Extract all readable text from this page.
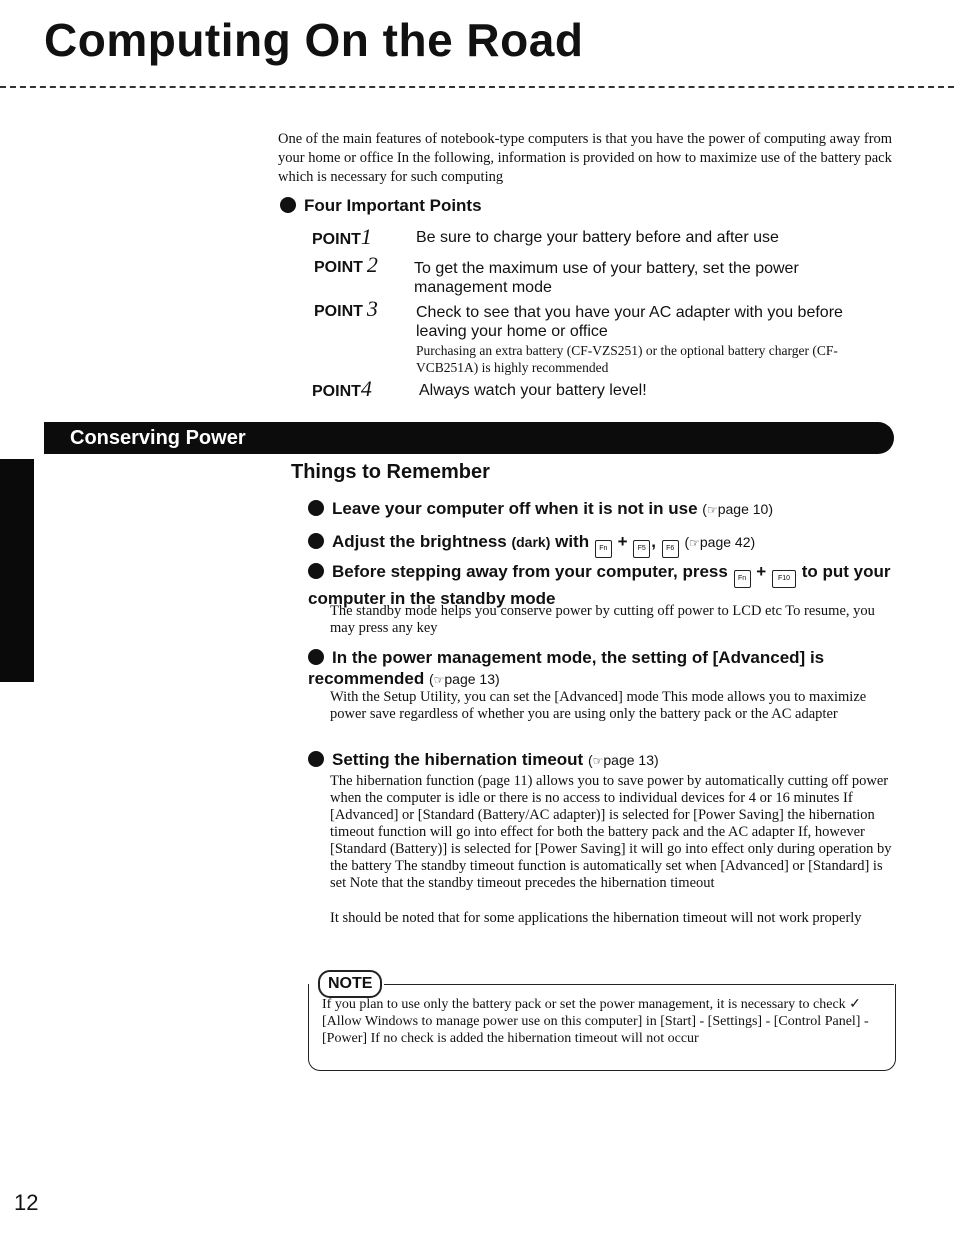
Computing On the Road
One of the main features of notebook-type computers is that you have the power of computing away from your home or office In the following, information is provided on how to maximize use of the battery pack which is necessary for such computing
Four Important Points
POINT1	Be sure to charge your battery before and after use
POINT 2 To get the maximum use of your battery, set the power management mode
POINT 3 Check to see that you have your AC adapter with you before leaving your home or office
Purchasing an extra battery (CF-VZS251) or the optional battery charger (CF-VCB251A) is highly recommended
POINT4	Always watch your battery level!
Conserving Power
Things to Remember
Leave your computer off when it is not in use (☞page 10)
Adjust the brightness (dark) with Fn + F5 , F6 (☞page 42)
Before stepping away from your computer, press Fn + F10 to put your computer in the standby mode
The standby mode helps you conserve power by cutting off power to LCD etc To resume, you may press any key
In the power management mode, the setting of [Advanced] is recommended (☞page 13)
With the Setup Utility, you can set the [Advanced] mode This mode allows you to maximize power save regardless of whether you are using only the battery pack or the AC adapter
Setting the hibernation timeout (☞page 13)
The hibernation function (page 11) allows you to save power by automatically cutting off power when the computer is idle or there is no access to individual devices for 4 or 16 minutes If [Advanced] or [Standard (Battery/AC adapter)] is selected for [Power Saving] the hibernation timeout function will go into effect for both the battery pack and the AC adapter If, however [Standard (Battery)] is selected for [Power Saving] it will go into effect only during operation by the battery The standby timeout function is automatically set when [Advanced] or [Standard] is set Note that the standby timeout precedes the hibernation timeout
It should be noted that for some applications the hibernation timeout will not work properly
NOTE
If you plan to use only the battery pack or set the power management, it is necessary to check ✓ [Allow Windows to manage power use on this computer] in [Start] - [Settings] - [Control Panel] - [Power] If no check is added the hibernation timeout will not occur
12
